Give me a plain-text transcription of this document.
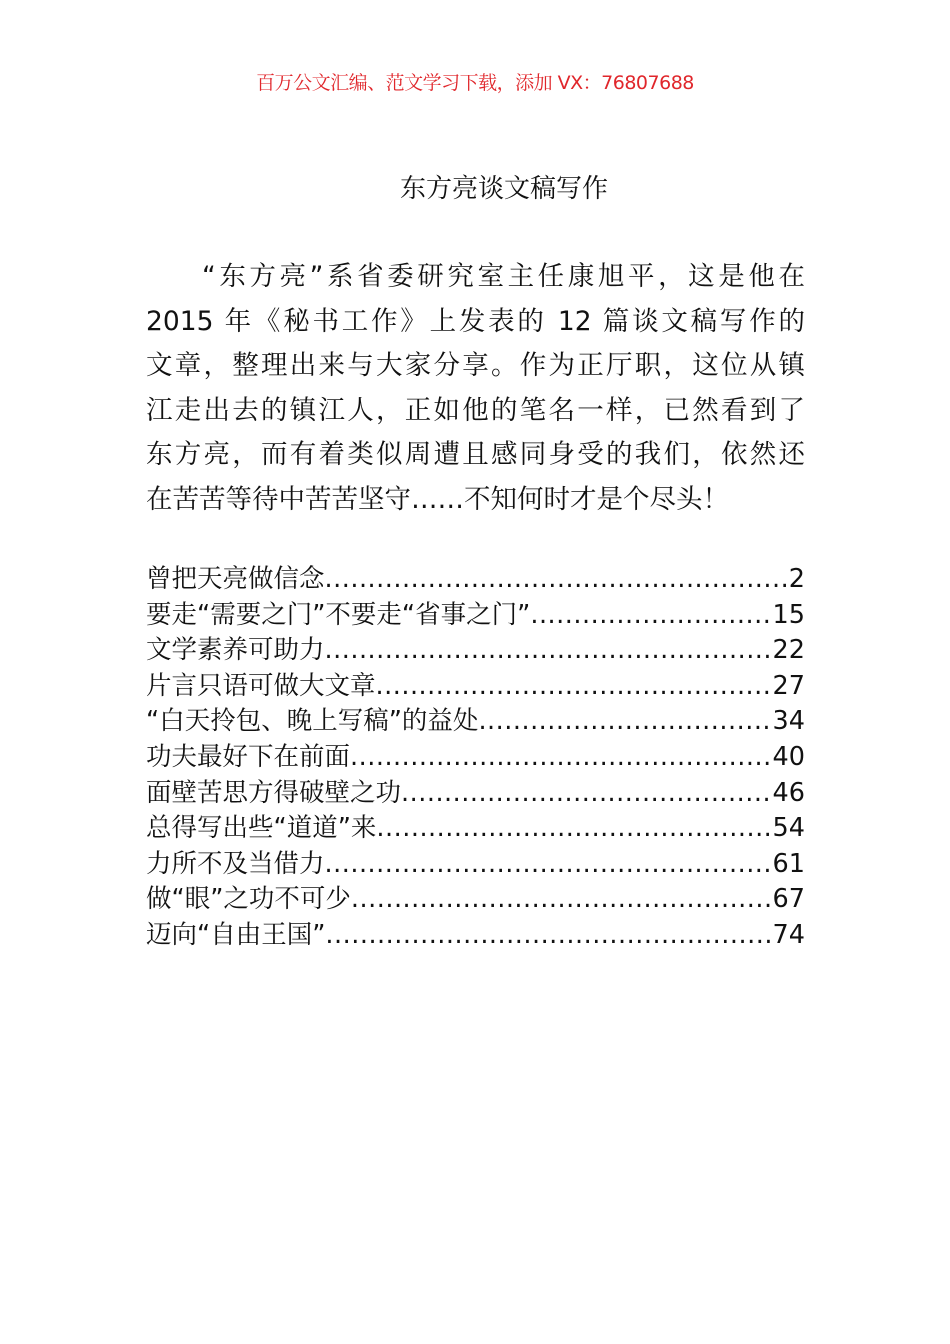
百万公文汇编、范文学习下载，添加 VX：76807688
东方亮谈文稿写作
“东方亮”系省委研究室主任康旭平，这是他在
2015 年《秘书工作》上发表的 12 篇谈文稿写作的
文章，整理出来与大家分享。作为正厅职，这位从镇
江走出去的镇江人，正如他的笔名一样，已然看到了
东方亮，而有着类似周遭且感同身受的我们，依然还
在苦苦等待中苦苦坚守……不知何时才是个尽头！
曾把天亮做信念 .....	2
要走“需要之门”不要走“省事之门” .....	15
文学素养可助力 .....	22
片言只语可做大文章 .....	27
“白天拎包、晚上写稿”的益处 .....	34
功夫最好下在前面 .....	40
面壁苦思方得破壁之功 .....	46
总得写出些“道道”来 .....	54
力所不及当借力 .....	61
做“眼”之功不可少 .....	67
迈向“自由王国” .....	74
